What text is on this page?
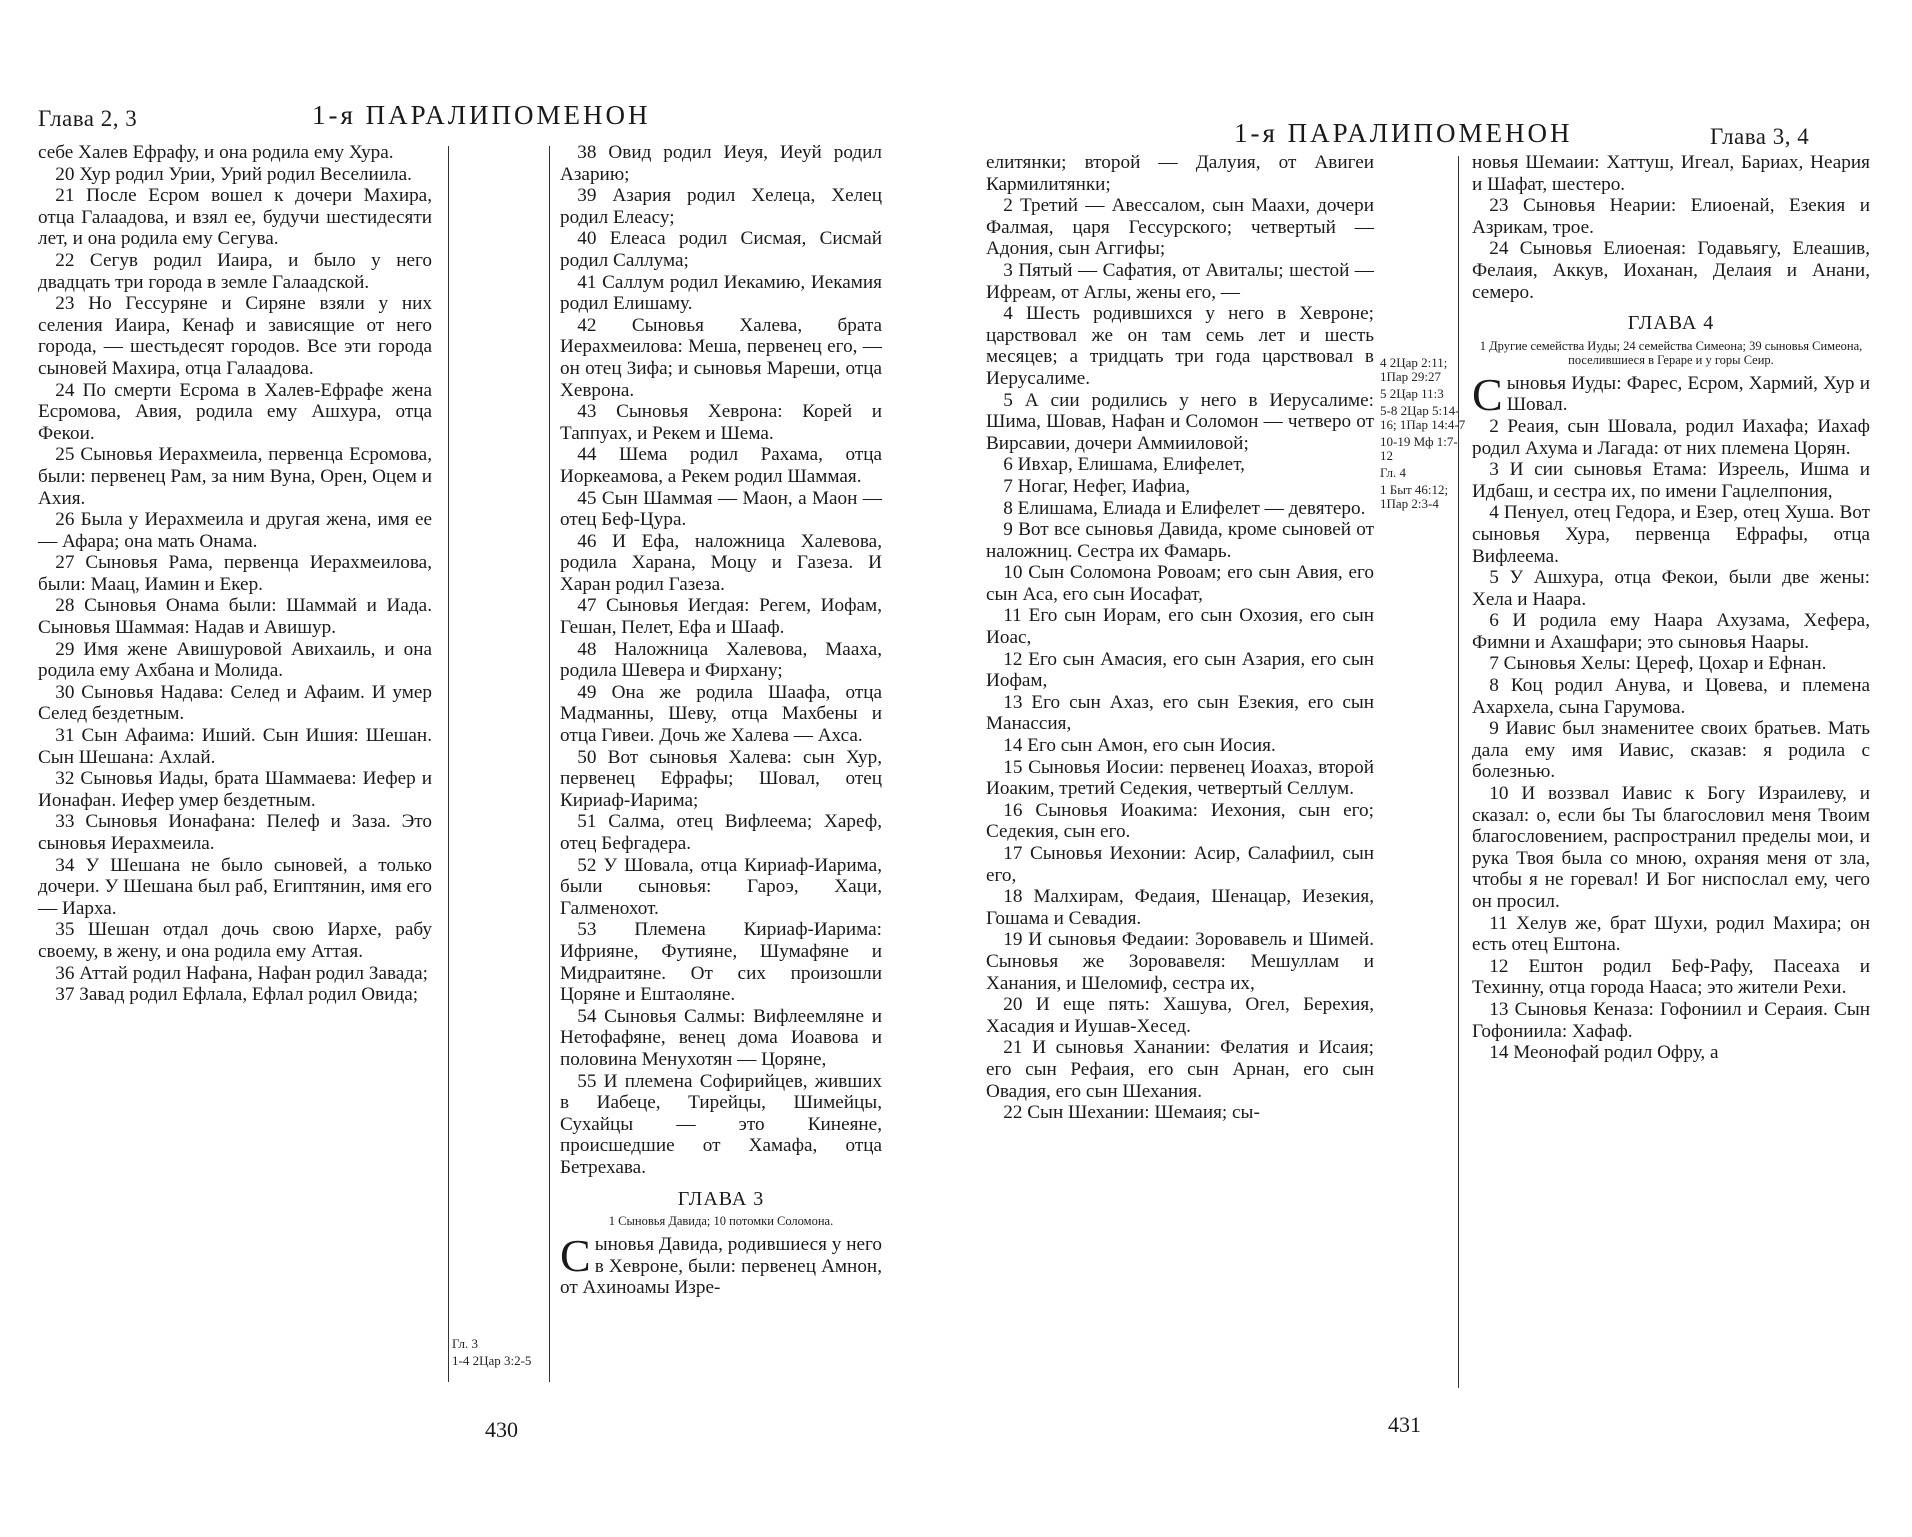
Глава 2, 3	1-я ПАРАЛИПОМЕНОН

себе Халев Ефрафу, и она родила ему Хура.

20 Хур родил Урии, Урий родил Веселиила.

21 После Есром вошел к дочери Махира, отца Галаадова, и взял ее, будучи шестидесяти лет, и она родила ему Сегува.

22 Сегув родил Иаира, и было у него двадцать три города в земле Галаадской.

23 Но Гессуряне и Сиряне взяли у них селения Иаира, Кенаф и зависящие от него города, — шестьдесят городов. Все эти города сыновей Махира, отца Галаадова.

24 По смерти Есрома в Халев-Ефрафе жена Есромова, Авия, родила ему Ашхура, отца Фекои.

25 Сыновья Иерахмеила, первенца Есромова, были: первенец Рам, за ним Вуна, Орен, Оцем и Ахия.

26 Была у Иерахмеила и другая жена, имя ее — Афара; она мать Онама.

27 Сыновья Рама, первенца Иерахмеилова, были: Маац, Иамин и Екер.

28 Сыновья Онама были: Шаммай и Иада. Сыновья Шаммая: Надав и Авишур.

29 Имя жене Авишуровой Авихаиль, и она родила ему Ахбана и Молида.

30 Сыновья Надава: Селед и Афаим. И умер Селед бездетным.

31 Сын Афаима: Иший. Сын Ишия: Шешан. Сын Шешана: Ахлай.

32 Сыновья Иады, брата Шаммаева: Иефер и Ионафан. Иефер умер бездетным.

33 Сыновья Ионафана: Пелеф и Заза. Это сыновья Иерахмеила.

34 У Шешана не было сыновей, а только дочери. У Шешана был раб, Египтянин, имя его — Иарха.

35 Шешан отдал дочь свою Иархе, рабу своему, в жену, и она родила ему Аттая.

36 Аттай родил Нафана, Нафан родил Завада;

37 Завад родил Ефлала, Ефлал родил Овида;

Гл. 3
1-4 2Цар 3:2-5

38 Овид родил Иеуя, Иеуй родил Азарию;

39 Азария родил Хелеца, Хелец родил Елеасу;

40 Елеаса родил Сисмая, Сисмай родил Саллума;

41 Саллум родил Иекамию, Иекамия родил Елишаму.

42 Сыновья Халева, брата Иерахмеилова: Меша, первенец его, — он отец Зифа; и сыновья Мареши, отца Хеврона.

43 Сыновья Хеврона: Корей и Таппуах, и Рекем и Шема.

44 Шема родил Рахама, отца Иоркеамова, а Рекем родил Шаммая.

45 Сын Шаммая — Маон, а Маон — отец Беф-Цура.

46 И Ефа, наложница Халевова, родила Харана, Моцу и Газеза. И Харан родил Газеза.

47 Сыновья Иегдая: Регем, Иофам, Гешан, Пелет, Ефа и Шааф.

48 Наложница Халевова, Мааха, родила Шевера и Фирхану;

49 Она же родила Шаафа, отца Мадманны, Шеву, отца Махбены и отца Гивеи. Дочь же Халева — Ахса.

50 Вот сыновья Халева: сын Хур, первенец Ефрафы; Шовал, отец Кириаф-Иарима;

51 Салма, отец Вифлеема; Хареф, отец Бефгадера.

52 У Шовала, отца Кириаф-Иарима, были сыновья: Гароэ, Хаци, Галменохот.

53 Племена Кириаф-Иарима: Ифрияне, Футияне, Шумафяне и Мидраитяне. От сих произошли Цоряне и Ештаоляне.

54 Сыновья Салмы: Вифлеемляне и Нетофафяне, венец дома Иоавова и половина Менухотян — Цоряне,

55 И племена Софирийцев, живших в Иабеце, Тирейцы, Шимейцы, Сухайцы — это Кинеяне, происшедшие от Хамафа, отца Бетрехава.

ГЛАВА 3
1 Сыновья Давида; 10 потомки Соломона.

Сыновья Давида, родившиеся у него в Хевроне, были: первенец Амнон, от Ахиноамы Изре-

430
1-я ПАРАЛИПОМЕНОН	Глава 3, 4

елитянки; второй — Далуия, от Авигеи Кармилитянки;

2 Третий — Авессалом, сын Маахи, дочери Фалмая, царя Гессурского; четвертый — Адония, сын Аггифы;

3 Пятый — Сафатия, от Авиталы; шестой — Ифреам, от Аглы, жены его, —

4 Шесть родившихся у него в Хевроне; царствовал же он там семь лет и шесть месяцев; а тридцать три года царствовал в Иерусалиме.

5 А сии родились у него в Иерусалиме: Шима, Шовав, Нафан и Соломон — четверо от Вирсавии, дочери Аммииловой;

6 Ивхар, Елишама, Елифелет,

7 Ногаг, Нефег, Иафиа,

8 Елишама, Елиада и Елифелет — девятеро.

9 Вот все сыновья Давида, кроме сыновей от наложниц. Сестра их Фамарь.

10 Сын Соломона Ровоам; его сын Авия, его сын Аса, его сын Иосафат,

11 Его сын Иорам, его сын Охозия, его сын Иоас,

12 Его сын Амасия, его сын Азария, его сын Иофам,

13 Его сын Ахаз, его сын Езекия, его сын Манассия,

14 Его сын Амон, его сын Иосия.

15 Сыновья Иосии: первенец Иоахаз, второй Иоаким, третий Седекия, четвертый Селлум.

16 Сыновья Иоакима: Иехония, сын его; Седекия, сын его.

17 Сыновья Иехонии: Асир, Салафиил, сын его,

18 Малхирам, Федаия, Шенацар, Иезекия, Гошама и Севадия.

19 И сыновья Федаии: Зоровавель и Шимей. Сыновья же Зоровавеля: Мешуллам и Ханания, и Шеломиф, сестра их,

20 И еще пять: Хашува, Огел, Берехия, Хасадия и Иушав-Хесед.

21 И сыновья Ханании: Фелатия и Исаия; его сын Рефаия, его сын Арнан, его сын Овадия, его сын Шехания.

22 Сын Шехании: Шемаия; сы-

4 2Цар 2:11; 1Пар 29:27
5 2Цар 11:3
5-8 2Цар 5:14-16; 1Пар 14:4-7
10-19 Мф 1:7-12
Гл. 4
1 Быт 46:12; 1Пар 2:3-4

новья Шемаии: Хаттуш, Игеал, Бариах, Неария и Шафат, шестеро.

23 Сыновья Неарии: Елиоенай, Езекия и Азрикам, трое.

24 Сыновья Елиоеная: Годавьягу, Елеашив, Фелаия, Аккув, Иоханан, Делаия и Анани, семеро.

ГЛАВА 4
1 Другие семейства Иуды; 24 семейства Симеона; 39 сыновья Симеона, поселившиеся в Гераре и у горы Сеир.

Сыновья Иуды: Фарес, Есром, Хармий, Хур и Шовал.

2 Реаия, сын Шовала, родил Иахафа; Иахаф родил Ахума и Лагада: от них племена Цорян.

3 И сии сыновья Етама: Изреель, Ишма и Идбаш, и сестра их, по имени Гацлелпония,

4 Пенуел, отец Гедора, и Езер, отец Хуша. Вот сыновья Хура, первенца Ефрафы, отца Вифлеема.

5 У Ашхура, отца Фекои, были две жены: Хела и Наара.

6 И родила ему Наара Ахузама, Хефера, Фимни и Ахашфари; это сыновья Наары.

7 Сыновья Хелы: Цереф, Цохар и Ефнан.

8 Коц родил Анува, и Цовева, и племена Ахархела, сына Гарумова.

9 Иавис был знаменитее своих братьев. Мать дала ему имя Иавис, сказав: я родила с болезнью.

10 И воззвал Иавис к Богу Израилеву, и сказал: о, если бы Ты благословил меня Твоим благословением, распространил пределы мои, и рука Твоя была со мною, охраняя меня от зла, чтобы я не горевал! И Бог ниспослал ему, чего он просил.

11 Хелув же, брат Шухи, родил Махира; он есть отец Ештона.

12 Ештон родил Беф-Рафу, Пасеаха и Техинну, отца города Нааса; это жители Рехи.

13 Сыновья Кеназа: Гофониил и Сераия. Сын Гофониила: Хафаф.

14 Меонофай родил Офру, а

431
